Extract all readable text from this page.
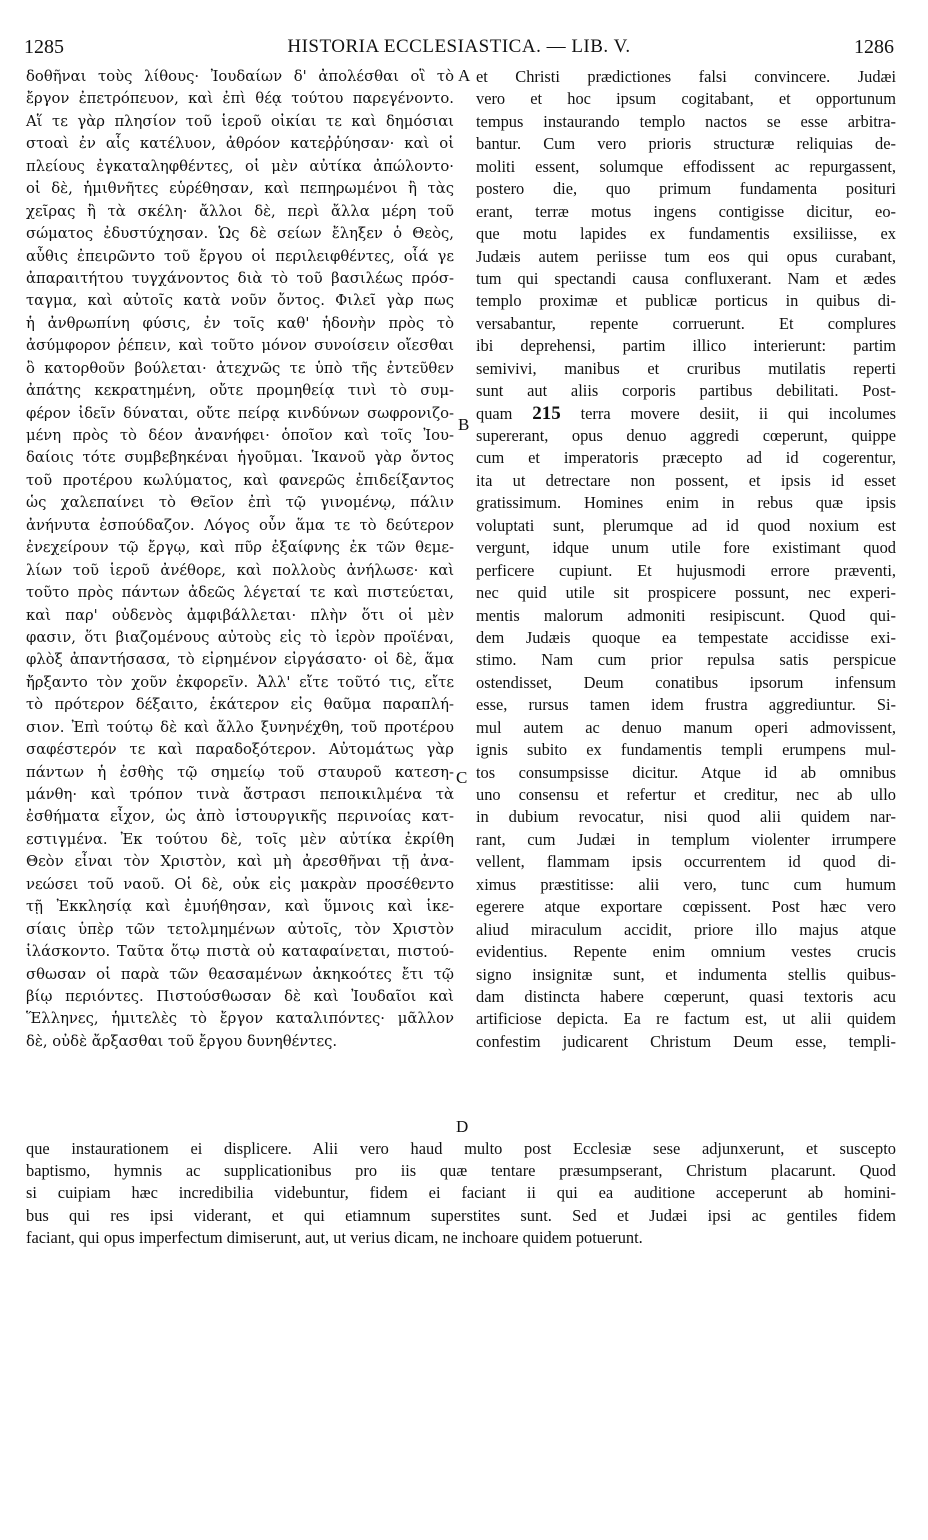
1285	HISTORIA ECCLESIASTICA. — LIB. V.	1286
δοθῆναι τοὺς λίθους· Ἰουδαίων δ' ἀπολέσθαι οἳ τὸ
ἔργον ἐπετρόπευον, καὶ ἐπὶ θέᾳ τούτου παρεγένοντο.
Αἵ τε γὰρ πλησίον τοῦ ἱεροῦ οἰκίαι τε καὶ δημόσιαι
στοαὶ ἐν αἷς κατέλυον, ἀθρόον κατεῤῥύησαν· καὶ οἱ
πλείους ἐγκαταληφθέντες, οἱ μὲν αὐτίκα ἀπώλοντο·
οἱ δὲ, ἡμιθνῆτες εὑρέθησαν, καὶ πεπηρωμένοι ἢ τὰς
χεῖρας ἢ τὰ σκέλη· ἄλλοι δὲ, περὶ ἄλλα μέρη τοῦ
σώματος ἐδυστύχησαν. Ὡς δὲ σείων ἔληξεν ὁ Θεὸς,
αὖθις ἐπειρῶντο τοῦ ἔργου οἱ περιλειφθέντες, οἷά γε
ἀπαραιτήτου τυγχάνοντος διὰ τὸ τοῦ βασιλέως πρόσ-
ταγμα, καὶ αὐτοῖς κατὰ νοῦν ὄντος. Φιλεῖ γὰρ πως
ἡ ἀνθρωπίνη φύσις, ἐν τοῖς καθ' ἡδονὴν πρὸς τὸ
ἀσύμφορον ῥέπειν, καὶ τοῦτο μόνον συνοίσειν οἴεσθαι
ὃ κατορθοῦν βούλεται· ἀτεχνῶς τε ὑπὸ τῆς ἐντεῦθεν
ἀπάτης κεκρατημένη, οὔτε προμηθείᾳ τινὶ τὸ συμ-
φέρον ἰδεῖν δύναται, οὔτε πείρᾳ κινδύνων σωφρονιζο-
μένη πρὸς τὸ δέον ἀνανήφει· ὁποῖον καὶ τοῖς Ἰου-
δαίοις τότε συμβεβηκέναι ἡγοῦμαι. Ἱκανοῦ γὰρ ὄντος
τοῦ προτέρου κωλύματος, καὶ φανερῶς ἐπιδείξαντος
ὡς χαλεπαίνει τὸ Θεῖον ἐπὶ τῷ γινομένῳ, πάλιν
ἀνήνυτα ἐσπούδαζον. Λόγος οὖν ἅμα τε τὸ δεύτερον
ἐνεχείρουν τῷ ἔργῳ, καὶ πῦρ ἐξαίφνης ἐκ τῶν θεμε-
λίων τοῦ ἱεροῦ ἀνέθορε, καὶ πολλοὺς ἀνήλωσε· καὶ
τοῦτο πρὸς πάντων ἀδεῶς λέγεταί τε καὶ πιστεύεται,
καὶ παρ' οὐδενὸς ἀμφιβάλλεται· πλὴν ὅτι οἱ μὲν
φασιν, ὅτι βιαζομένους αὐτοὺς εἰς τὸ ἱερὸν προϊέναι,
φλὸξ ἀπαντήσασα, τὸ εἰρημένον εἰργάσατο· οἱ δὲ, ἅμα
ἤρξαντο τὸν χοῦν ἐκφορεῖν. Ἀλλ' εἴτε τοῦτό τις, εἴτε
τὸ πρότερον δέξαιτο, ἑκάτερον εἰς θαῦμα παραπλή-
σιον. Ἐπὶ τούτῳ δὲ καὶ ἄλλο ξυνηνέχθη, τοῦ προτέρου
σαφέστερόν τε καὶ παραδοξότερον. Αὐτομάτως γὰρ
πάντων ἡ ἐσθὴς τῷ σημείῳ τοῦ σταυροῦ κατεση-
μάνθη· καὶ τρόπον τινὰ ἄστρασι πεποικιλμένα τὰ
ἐσθήματα εἶχον, ὡς ἀπὸ ἱστουργικῆς περινοίας κατ-
εστιγμένα. Ἐκ τούτου δὲ, τοῖς μὲν αὐτίκα ἐκρίθη
Θεὸν εἶναι τὸν Χριστὸν, καὶ μὴ ἀρεσθῆναι τῇ ἀνα-
νεώσει τοῦ ναοῦ. Οἱ δὲ, οὐκ εἰς μακρὰν προσέθεντο
τῇ Ἐκκλησίᾳ καὶ ἐμυήθησαν, καὶ ὕμνοις καὶ ἱκε-
σίαις ὑπὲρ τῶν τετολμημένων αὐτοῖς, τὸν Χριστὸν
ἱλάσκοντο. Ταῦτα ὅτῳ πιστὰ οὐ καταφαίνεται, πιστού-
σθωσαν οἱ παρὰ τῶν θεασαμένων ἀκηκοότες ἔτι τῷ
βίῳ περιόντες. Πιστούσθωσαν δὲ καὶ Ἰουδαῖοι καὶ
Ἕλληνες, ἡμιτελὲς τὸ ἔργον καταλιπόντες· μᾶλλον
δὲ, οὐδὲ ἄρξασθαι τοῦ ἔργου δυνηθέντες.
et Christi prædictiones falsi convincere. Judæi
vero et hoc ipsum cogitabant, et opportunum
tempus instaurando templo nactos se esse arbitra-
bantur. Cum vero prioris structuræ reliquias de-
moliti essent, solumque effodissent ac repurgassent,
postero die, quo primum fundamenta posituri
erant, terræ motus ingens contigisse dicitur, eo-
que motu lapides ex fundamentis exsiliisse, ex
Judæis autem periisse tum eos qui opus curabant,
tum qui spectandi causa confluxerant. Nam et ædes
templo proximæ et publicæ porticus in quibus di-
versabantur, repente corruerunt. Et complures
ibi deprehensi, partim illico interierunt: partim
semivivi, manibus et cruribus mutilatis reperti
sunt aut aliis corporis partibus debilitati. Post-
quam 215 terra movere desiit, ii qui incolumes
supererant, opus denuo aggredi cœperunt, quippe
cum et imperatoris præcepto ad id cogerentur,
ita ut detrectare non possent, et ipsis id esset
gratissimum. Homines enim in rebus quæ ipsis
voluptati sunt, plerumque ad id quod noxium est
vergunt, idque unum utile fore existimant quod
perficere cupiunt. Et hujusmodi errore præventi,
nec quid utile sit prospicere possunt, nec experi-
mentis malorum admoniti resipiscunt. Quod qui-
dem Judæis quoque ea tempestate accidisse exi-
stimo. Nam cum prior repulsa satis perspicue
ostendisset, Deum conatibus ipsorum infensum
esse, rursus tamen idem frustra aggrediuntur. Si-
mul autem ac denuo manum operi admovissent,
ignis subito ex fundamentis templi erumpens mul-
tos consumpsisse dicitur. Atque id ab omnibus
uno consensu et refertur et creditur, nec ab ullo
in dubium revocatur, nisi quod alii quidem nar-
rant, cum Judæi in templum violenter irrumpere
vellent, flammam ipsis occurrentem id quod di-
ximus præstitisse: alii vero, tunc cum humum
egerere atque exportare cœpissent. Post hæc vero
aliud miraculum accidit, priore illo majus atque
evidentius. Repente enim omnium vestes crucis
signo insignitæ sunt, et indumenta stellis quibus-
dam distincta habere cœperunt, quasi textoris acu
artificiose depicta. Ea re factum est, ut alii quidem
confestim judicarent Christum Deum esse, templi-
A
B
C
D
que instaurationem ei displicere. Alii vero haud multo post Ecclesiæ sese adjunxerunt, et suscepto
baptismo, hymnis ac supplicationibus pro iis quæ tentare præsumpserant, Christum placarunt. Quod
si cuipiam hæc incredibilia videbuntur, fidem ei faciant ii qui ea auditione acceperunt ab homini-
bus qui res ipsi viderant, et qui etiamnum superstites sunt. Sed et Judæi ipsi ac gentiles fidem
faciant, qui opus imperfectum dimiserunt, aut, ut verius dicam, ne inchoare quidem potuerunt.
